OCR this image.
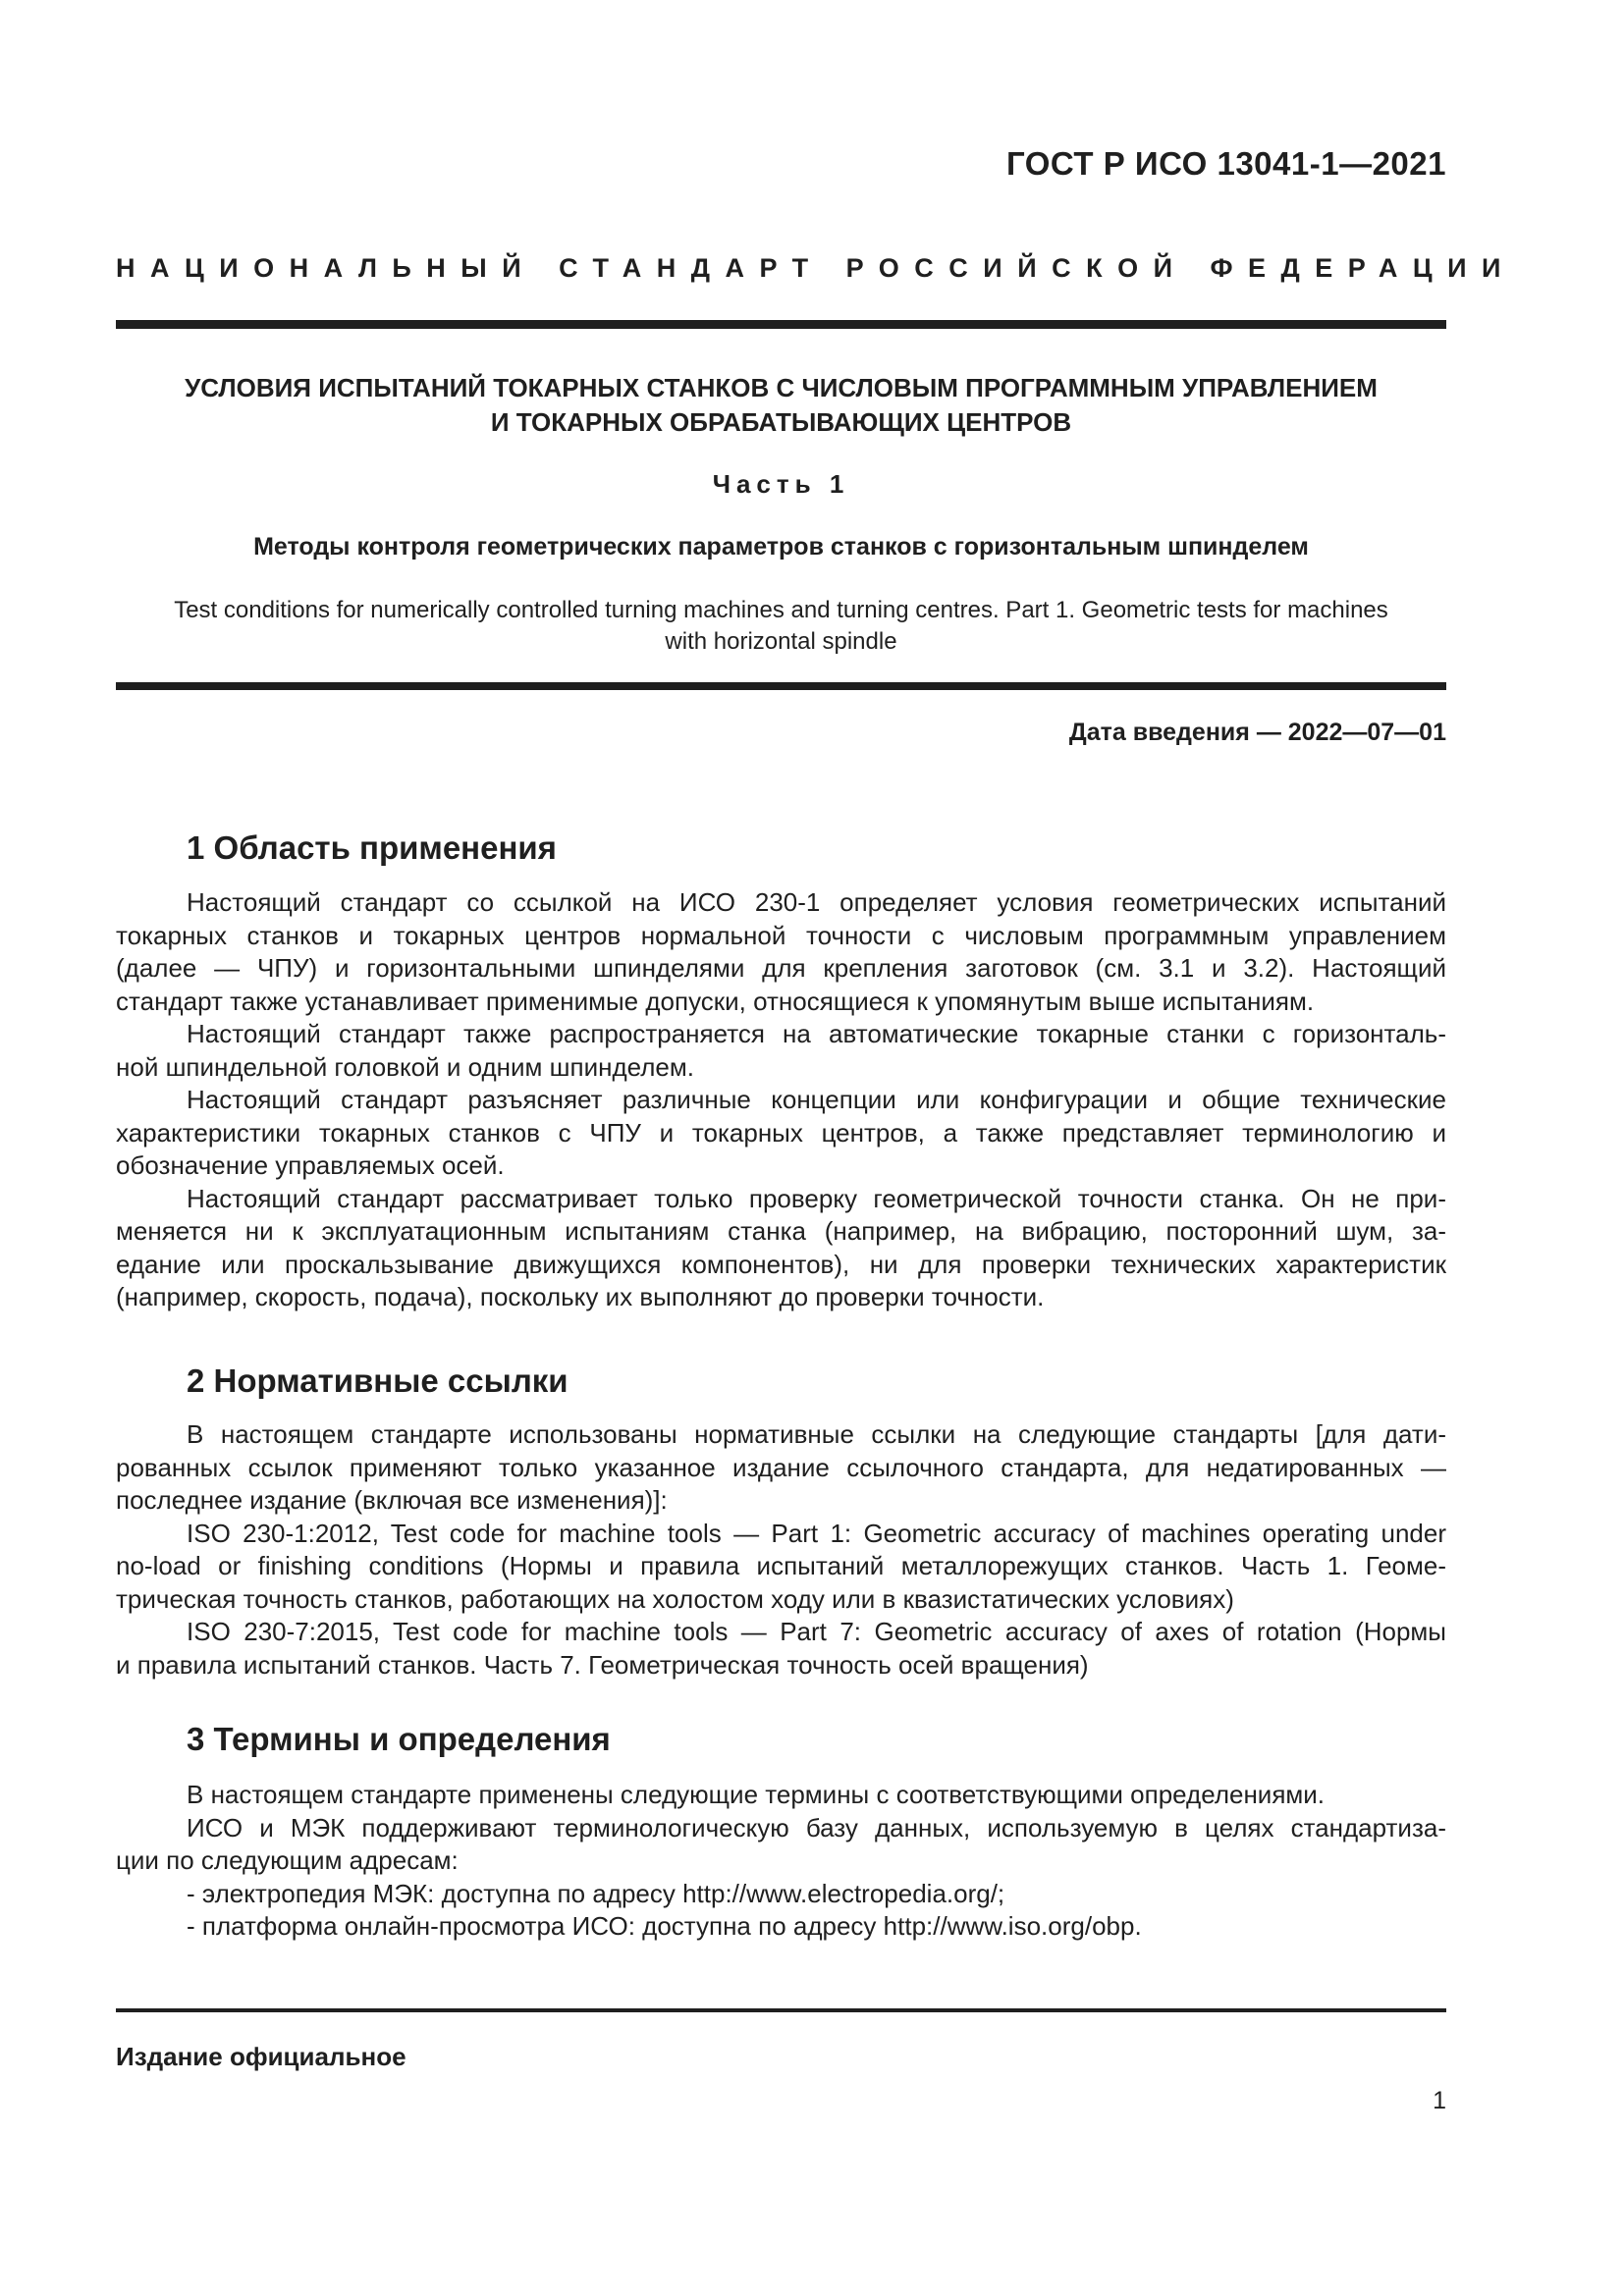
ГОСТ Р ИСО 13041-1—2021
НАЦИОНАЛЬНЫЙ СТАНДАРТ РОССИЙСКОЙ ФЕДЕРАЦИИ
УСЛОВИЯ ИСПЫТАНИЙ ТОКАРНЫХ СТАНКОВ С ЧИСЛОВЫМ ПРОГРАММНЫМ УПРАВЛЕНИЕМ
И ТОКАРНЫХ ОБРАБАТЫВАЮЩИХ ЦЕНТРОВ
Часть 1
Методы контроля геометрических параметров станков с горизонтальным шпинделем
Test conditions for numerically controlled turning machines and turning centres. Part 1. Geometric tests for machines
with horizontal spindle
Дата введения — 2022—07—01
1 Область применения
Настоящий стандарт со ссылкой на ИСО 230-1 определяет условия геометрических испытаний
токарных станков и токарных центров нормальной точности с числовым программным управлением
(далее — ЧПУ) и горизонтальными шпинделями для крепления заготовок (см. 3.1 и 3.2). Настоящий
стандарт также устанавливает применимые допуски, относящиеся к упомянутым выше испытаниям.
Настоящий стандарт также распространяется на автоматические токарные станки с горизонталь-
ной шпиндельной головкой и одним шпинделем.
Настоящий стандарт разъясняет различные концепции или конфигурации и общие технические
характеристики токарных станков с ЧПУ и токарных центров, а также представляет терминологию и
обозначение управляемых осей.
Настоящий стандарт рассматривает только проверку геометрической точности станка. Он не при-
меняется ни к эксплуатационным испытаниям станка (например, на вибрацию, посторонний шум, за-
едание или проскальзывание движущихся компонентов), ни для проверки технических характеристик
(например, скорость, подача), поскольку их выполняют до проверки точности.
2 Нормативные ссылки
В настоящем стандарте использованы нормативные ссылки на следующие стандарты [для дати-
рованных ссылок применяют только указанное издание ссылочного стандарта, для недатированных —
последнее издание (включая все изменения)]:
ISO 230-1:2012, Test code for machine tools — Part 1: Geometric accuracy of machines operating under
no-load or finishing conditions (Нормы и правила испытаний металлорежущих станков. Часть 1. Геоме-
трическая точность станков, работающих на холостом ходу или в квазистатических условиях)
ISO 230-7:2015, Test code for machine tools — Part 7: Geometric accuracy of axes of rotation (Нормы
и правила испытаний станков. Часть 7. Геометрическая точность осей вращения)
3 Термины и определения
В настоящем стандарте применены следующие термины с соответствующими определениями.
ИСО и МЭК поддерживают терминологическую базу данных, используемую в целях стандартиза-
ции по следующим адресам:
- электропедия МЭК: доступна по адресу http://www.electropedia.org/;
- платформа онлайн-просмотра ИСО: доступна по адресу http://www.iso.org/obp.
Издание официальное
1
